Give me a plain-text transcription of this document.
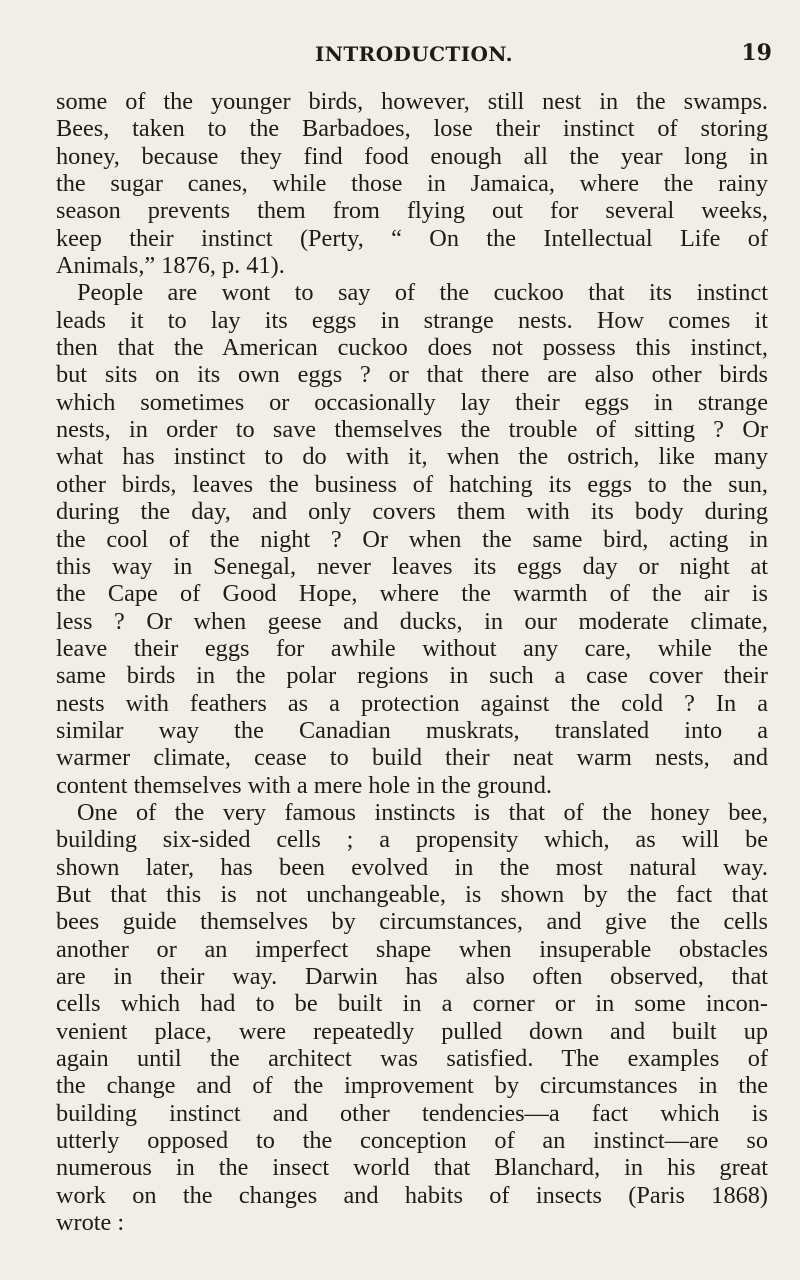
INTRODUCTION.	19
some of the younger birds, however, still nest in the swamps.
Bees, taken to the Barbadoes, lose their instinct of storing
honey, because they find food enough all the year long in
the sugar canes, while those in Jamaica, where the rainy
season prevents them from flying out for several weeks,
keep their instinct (Perty, “ On the Intellectual Life of
Animals,” 1876, p. 41).
People are wont to say of the cuckoo that its instinct
leads it to lay its eggs in strange nests. How comes it
then that the American cuckoo does not possess this instinct,
but sits on its own eggs ? or that there are also other birds
which sometimes or occasionally lay their eggs in strange
nests, in order to save themselves the trouble of sitting ? Or
what has instinct to do with it, when the ostrich, like many
other birds, leaves the business of hatching its eggs to the sun,
during the day, and only covers them with its body during
the cool of the night ? Or when the same bird, acting in
this way in Senegal, never leaves its eggs day or night at
the Cape of Good Hope, where the warmth of the air is
less ? Or when geese and ducks, in our moderate climate,
leave their eggs for awhile without any care, while the
same birds in the polar regions in such a case cover their
nests with feathers as a protection against the cold ? In a
similar way the Canadian muskrats, translated into a
warmer climate, cease to build their neat warm nests, and
content themselves with a mere hole in the ground.
One of the very famous instincts is that of the honey bee,
building six-sided cells ; a propensity which, as will be
shown later, has been evolved in the most natural way.
But that this is not unchangeable, is shown by the fact that
bees guide themselves by circumstances, and give the cells
another or an imperfect shape when insuperable obstacles
are in their way. Darwin has also often observed, that
cells which had to be built in a corner or in some incon-
venient place, were repeatedly pulled down and built up
again until the architect was satisfied. The examples of
the change and of the improvement by circumstances in the
building instinct and other tendencies—a fact which is
utterly opposed to the conception of an instinct—are so
numerous in the insect world that Blanchard, in his great
work on the changes and habits of insects (Paris 1868)
wrote :
